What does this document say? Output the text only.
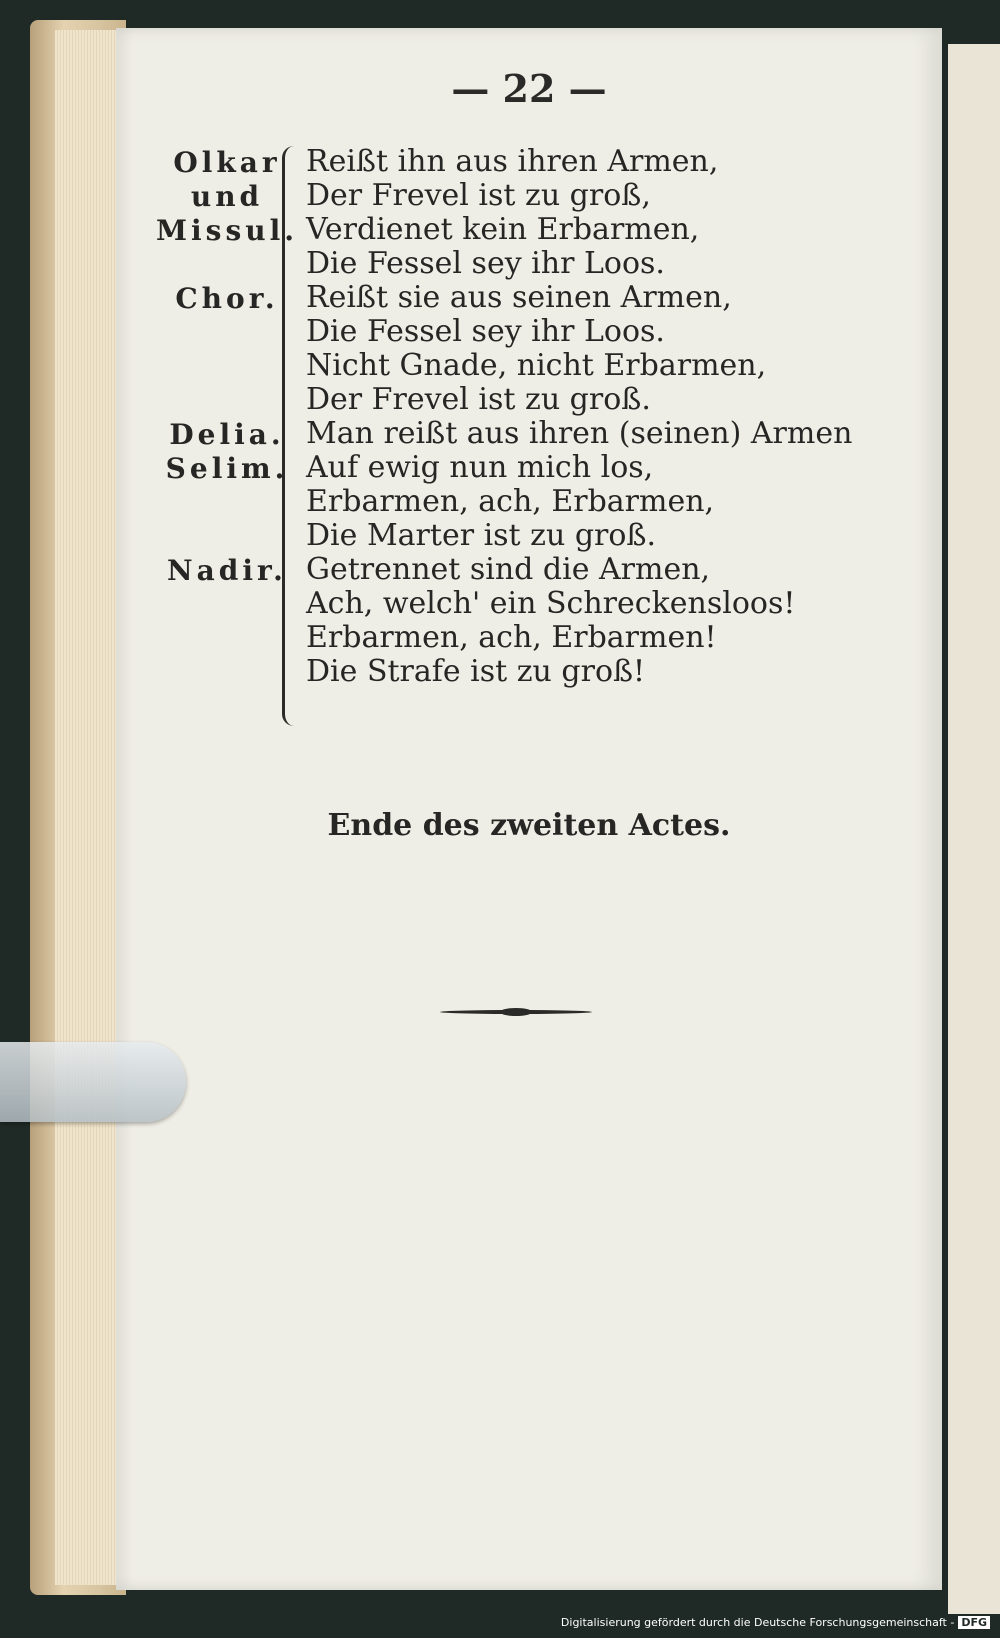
— 22 —
Olkar
und
Missul.
Chor.
Delia.
Selim.
Nadir.
Reißt ihn aus ihren Armen,
Der Frevel ist zu groß,
Verdienet kein Erbarmen,
Die Fessel sey ihr Loos.
Reißt sie aus seinen Armen,
Die Fessel sey ihr Loos.
Nicht Gnade, nicht Erbarmen,
Der Frevel ist zu groß.
Man reißt aus ihren (seinen) Armen
Auf ewig nun mich los,
Erbarmen, ach, Erbarmen,
Die Marter ist zu groß.
Getrennet sind die Armen,
Ach, welch' ein Schreckensloos!
Erbarmen, ach, Erbarmen!
Die Strafe ist zu groß!
Ende des zweiten Actes.
Digitalisierung gefördert durch die Deutsche Forschungsgemeinschaft - DFG
